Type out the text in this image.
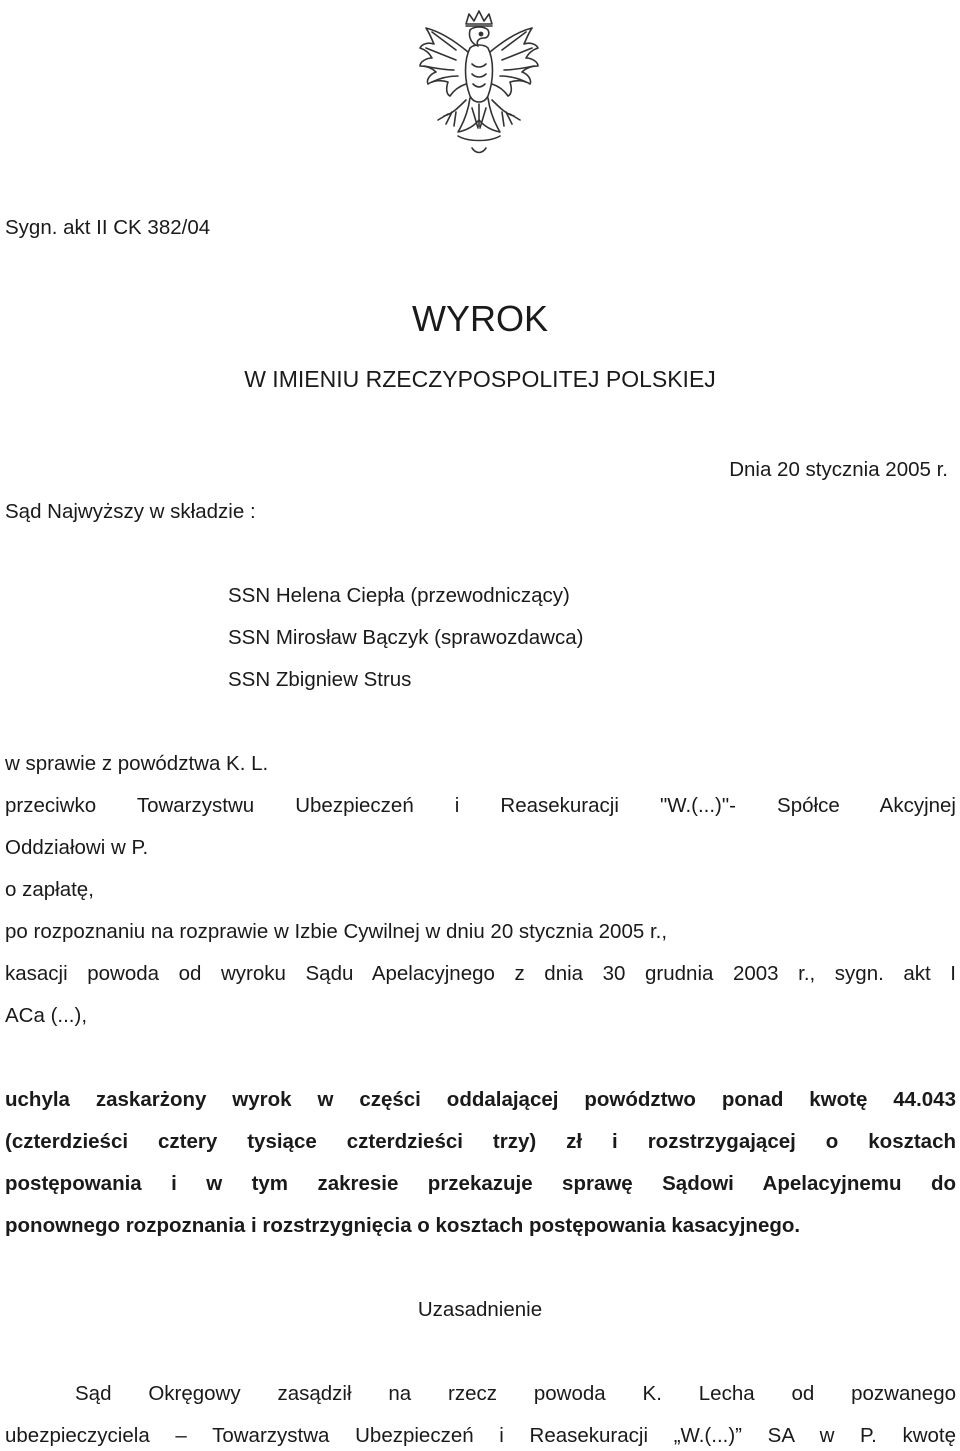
Sygn. akt II CK 382/04
WYROK
W IMIENIU RZECZYPOSPOLITEJ POLSKIEJ
Dnia 20 stycznia 2005 r.
Sąd Najwyższy w składzie :
SSN Helena Ciepła (przewodniczący)
SSN Mirosław Bączyk (sprawozdawca)
SSN Zbigniew Strus
w sprawie z powództwa K. L.
przeciwko Towarzystwu Ubezpieczeń i Reasekuracji "W.(...)"- Spółce Akcyjnej
Oddziałowi w P.
o zapłatę,
po rozpoznaniu na rozprawie w Izbie Cywilnej w dniu 20 stycznia 2005 r.,
kasacji powoda od wyroku Sądu Apelacyjnego z dnia 30 grudnia 2003 r., sygn. akt I
ACa (...),
uchyla zaskarżony wyrok w części oddalającej powództwo ponad kwotę 44.043
(czterdzieści cztery tysiące czterdzieści trzy) zł i rozstrzygającej o kosztach
postępowania i w tym zakresie przekazuje sprawę Sądowi Apelacyjnemu do
ponownego rozpoznania i rozstrzygnięcia o kosztach postępowania kasacyjnego.
Uzasadnienie
Sąd Okręgowy zasądził na rzecz powoda K. Lecha od pozwanego
ubezpieczyciela – Towarzystwa Ubezpieczeń i Reasekuracji „W.(...)” SA w P. kwotę
